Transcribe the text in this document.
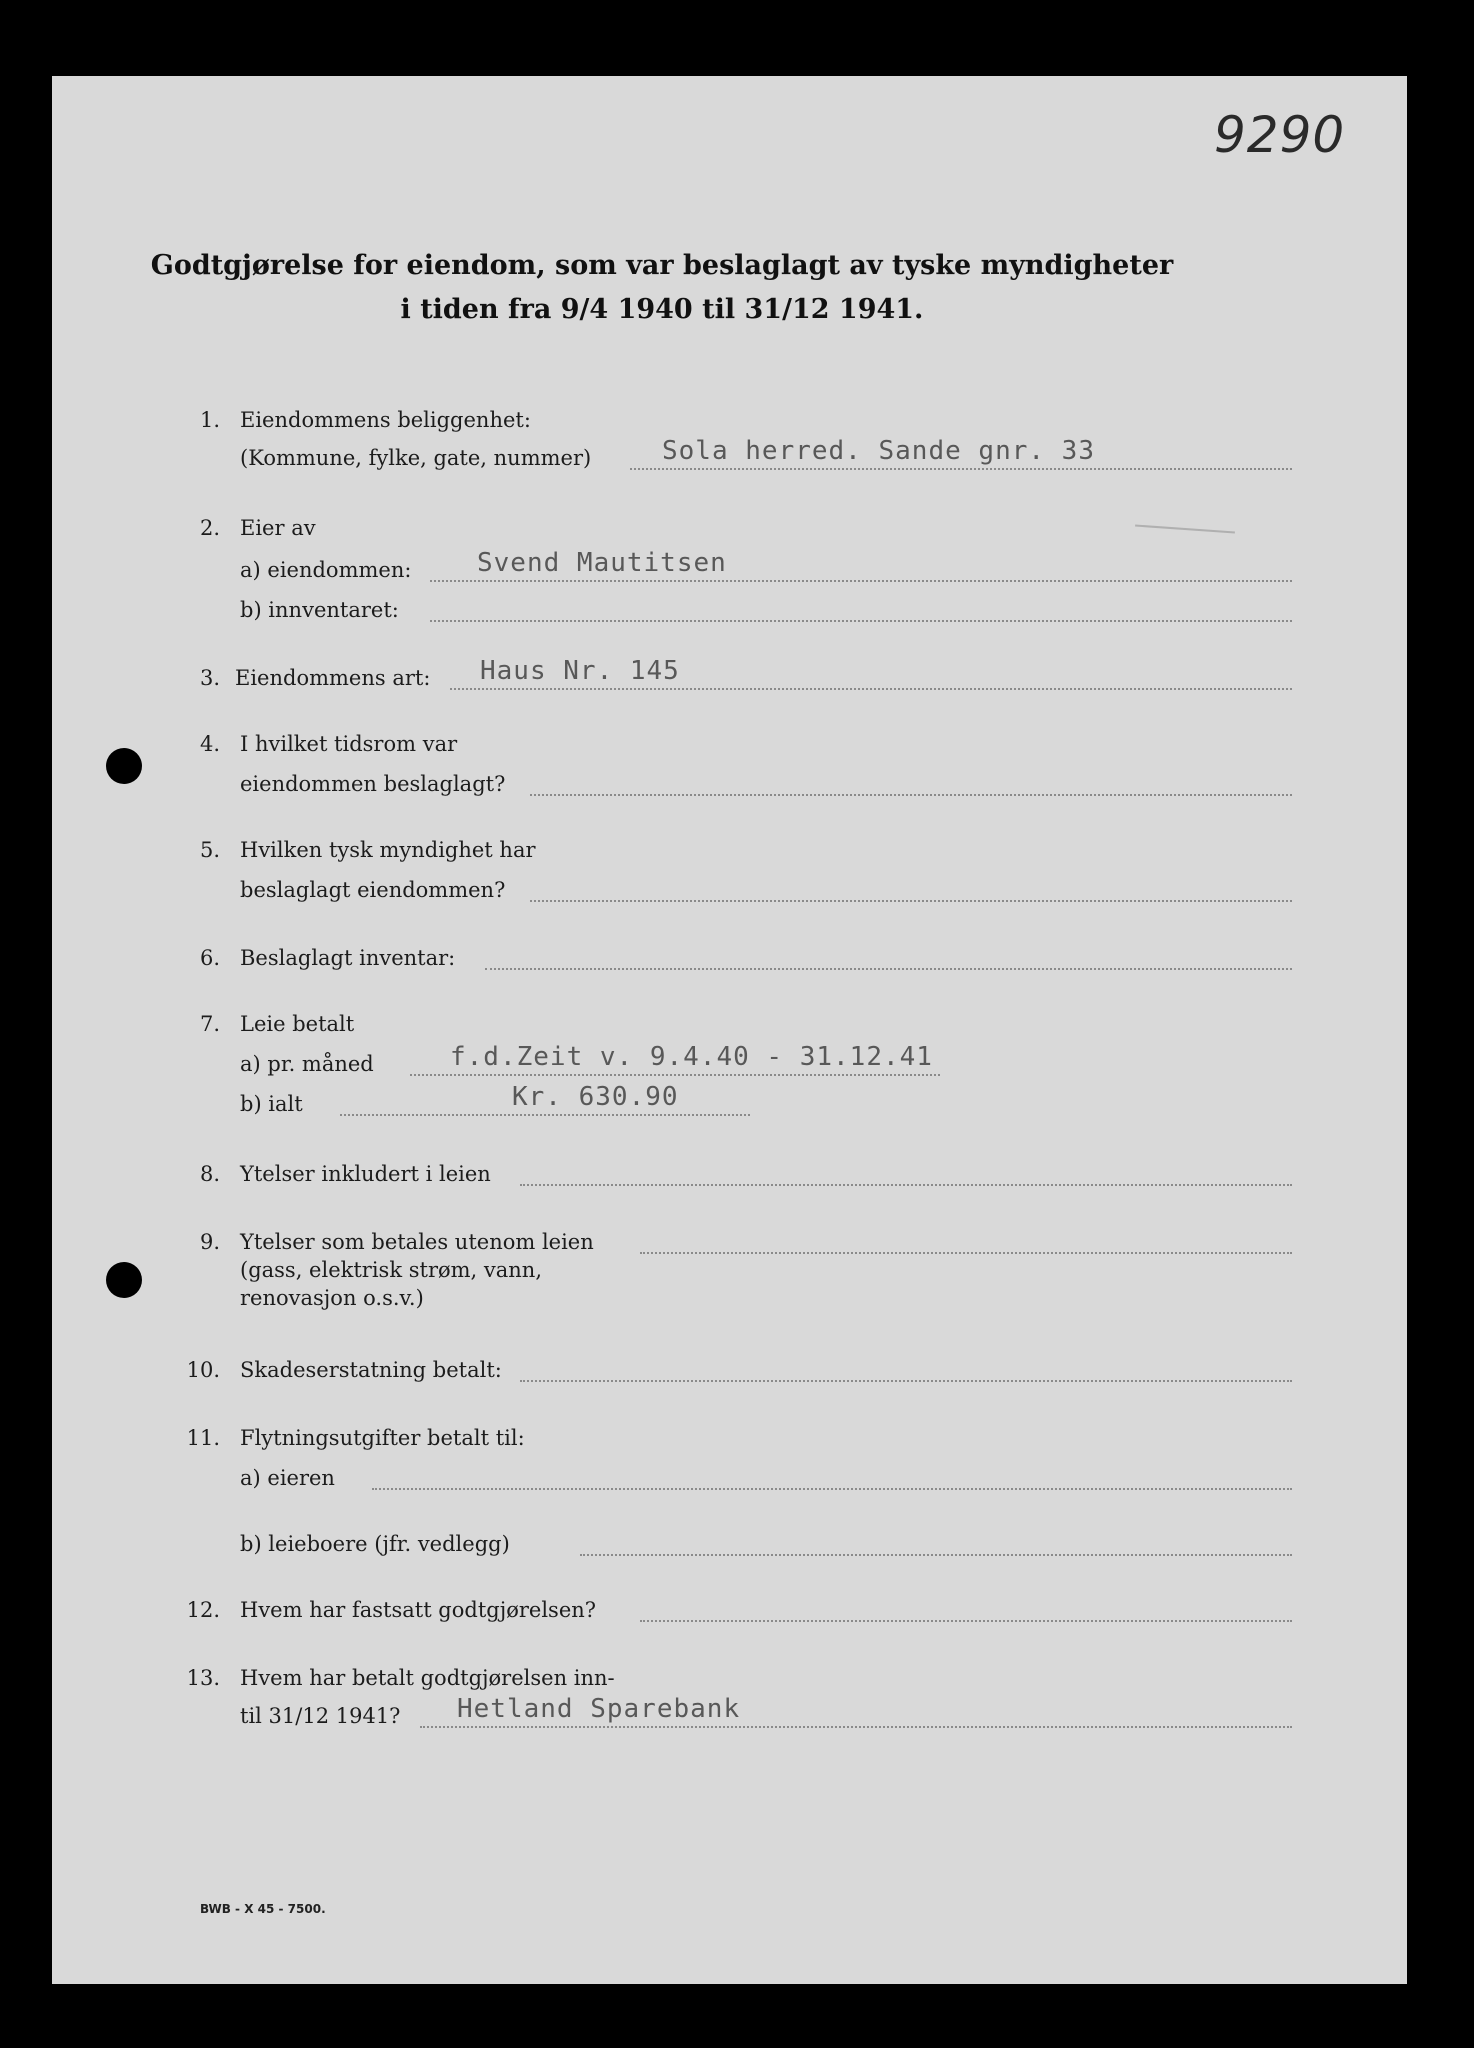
9290
Godtgjørelse for eiendom, som var beslaglagt av tyske myndigheter
i tiden fra 9/4 1940 til 31/12 1941.
1. Eiendommens beliggenhet:
(Kommune, fylke, gate, nummer)	Sola herred. Sande gnr. 33
2. Eier av
a) eiendommen:	Svend Mautitsen
b) innventaret:
3. Eiendommens art: Haus Nr. 145
4. I hvilket tidsrom var
eiendommen beslaglagt?
5. Hvilken tysk myndighet har
beslaglagt eiendommen?
6. Beslaglagt inventar:
7. Leie betalt
a) pr. måned	f.d.Zeit v. 9.4.40 - 31.12.41
b) ialt	Kr. 630.90
8. Ytelser inkludert i leien
9. Ytelser som betales utenom leien
(gass, elektrisk strøm, vann,
renovasjon o.s.v.)
10. Skadeserstatning betalt:
11. Flytningsutgifter betalt til:
a) eieren
b) leieboere (jfr. vedlegg)
12. Hvem har fastsatt godtgjørelsen?
13. Hvem har betalt godtgjørelsen inn-
til 31/12 1941? Hetland Sparebank
BWB - X 45 - 7500.
